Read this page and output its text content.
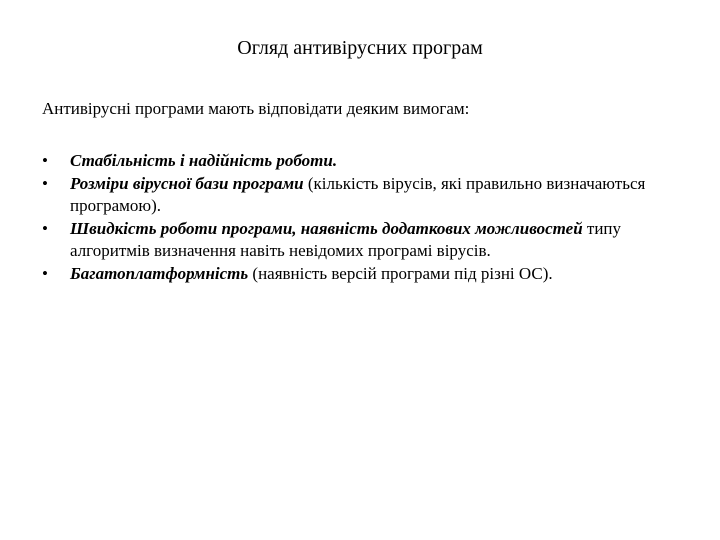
Огляд антивірусних програм
Антивірусні програми мають відповідати деяким вимогам:
• Стабільність і надійність роботи.
• Розміри вірусної бази програми (кількість вірусів, які правильно визначаються програмою).
• Швидкість роботи програми, наявність додаткових можливостей типу алгоритмів визначення навіть невідомих програмі вірусів.
• Багатоплатформність (наявність версій програми під різні ОС).
